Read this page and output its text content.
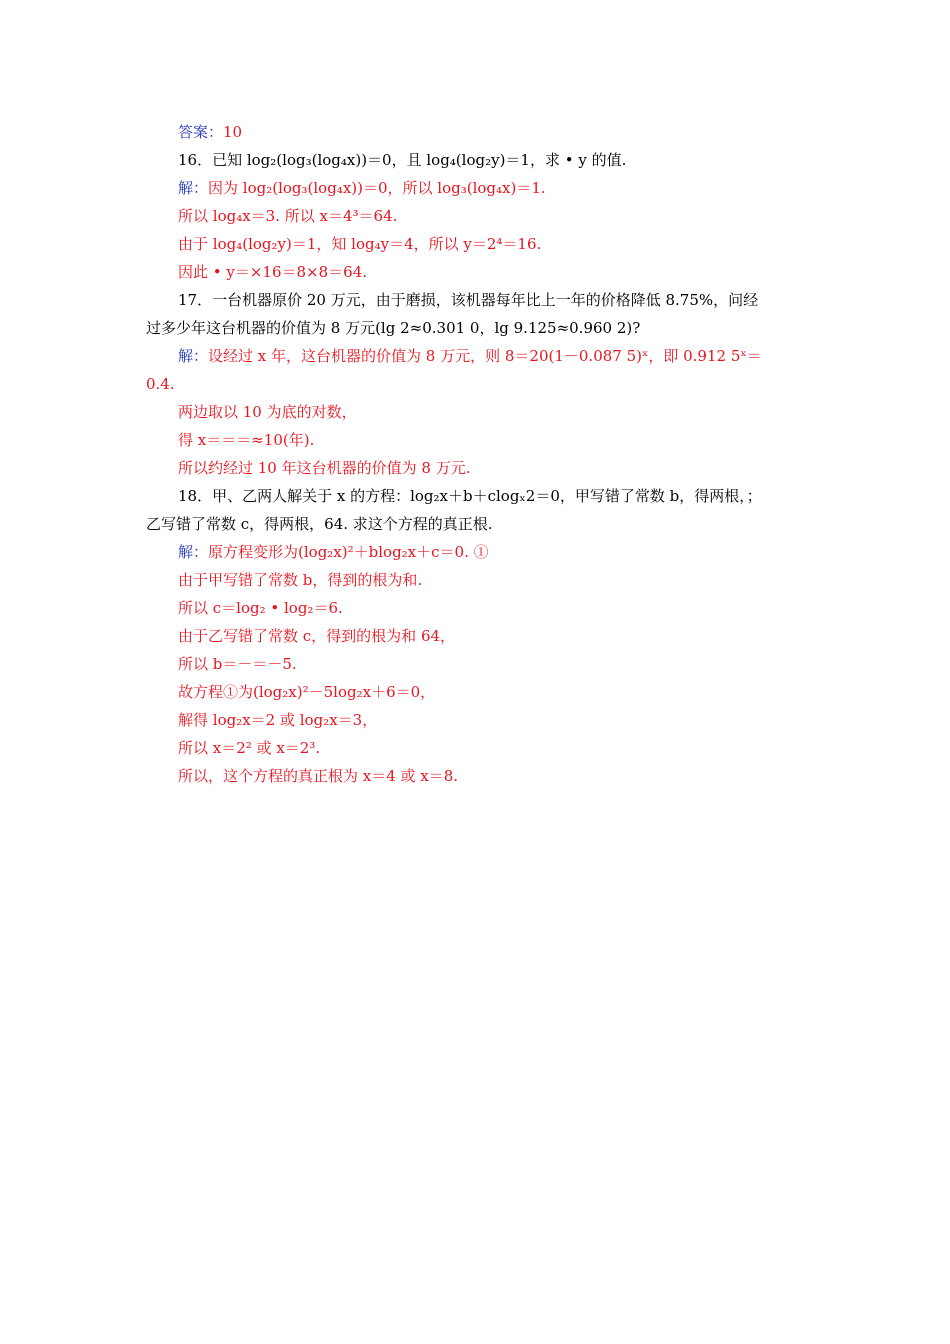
答案：10
16．已知 log₂(log₃(log₄x))＝0，且 log₄(log₂y)＝1，求 • y 的值.
解：因为 log₂(log₃(log₄x))＝0，所以 log₃(log₄x)＝1.
所以 log₄x＝3. 所以 x＝4³＝64.
由于 log₄(log₂y)＝1，知 log₄y＝4，所以 y＝2⁴＝16.
因此 • y＝×16＝8×8＝64.
17．一台机器原价 20 万元，由于磨损，该机器每年比上一年的价格降低 8.75%，问经
过多少年这台机器的价值为 8 万元(lg 2≈0.301 0，lg 9.125≈0.960 2)?
解：设经过 x 年，这台机器的价值为 8 万元，则 8＝20(1－0.087 5)ˣ，即 0.912 5ˣ＝
0.4.
两边取以 10 为底的对数，
得 x＝＝＝≈10(年).
所以约经过 10 年这台机器的价值为 8 万元.
18．甲、乙两人解关于 x 的方程：log₂x＋b＋clogₓ2＝0，甲写错了常数 b，得两根，；
乙写错了常数 c，得两根，64. 求这个方程的真正根.
解：原方程变形为(log₂x)²＋blog₂x＋c＝0. ①
由于甲写错了常数 b，得到的根为和.
所以 c＝log₂ • log₂＝6.
由于乙写错了常数 c，得到的根为和 64，
所以 b＝－＝－5.
故方程①为(log₂x)²－5log₂x＋6＝0，
解得 log₂x＝2 或 log₂x＝3，
所以 x＝2² 或 x＝2³.
所以，这个方程的真正根为 x＝4 或 x＝8.
